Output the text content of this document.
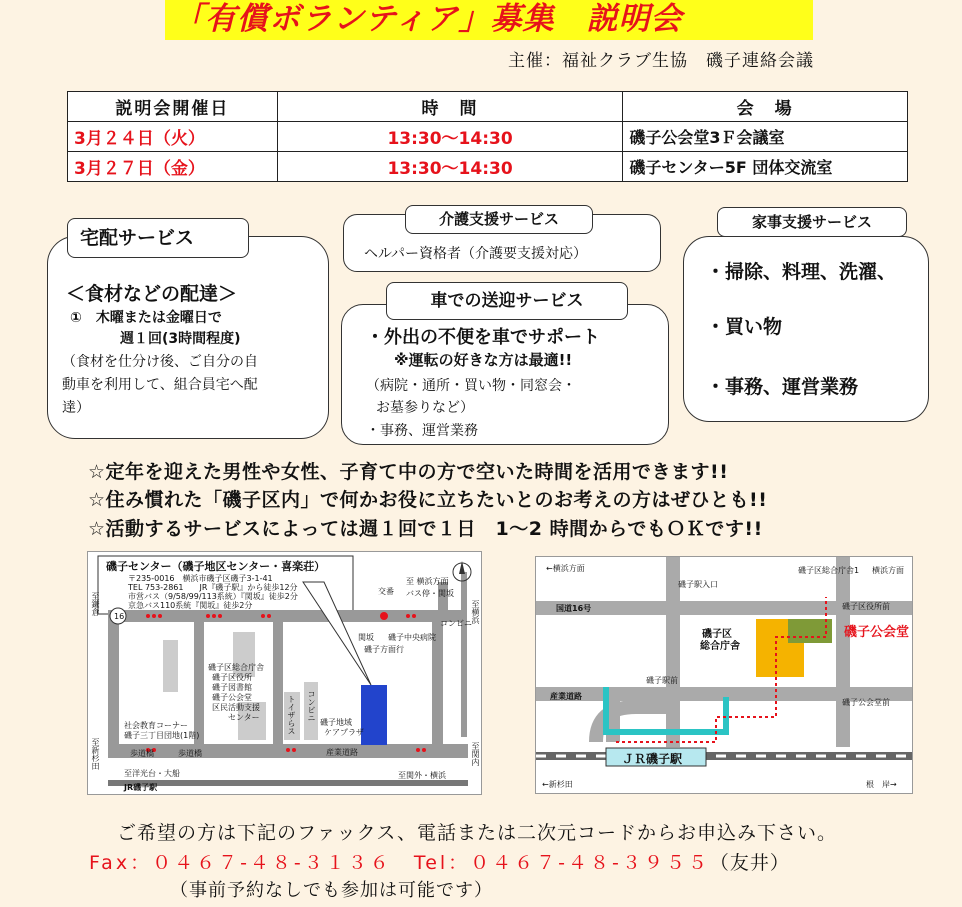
「有償ボランティア」募集　説明会
主催：福祉クラブ生協　磯子連絡会議
説明会開催日	時　間	会　場
3月２４日（火）	13:30〜14:30	磯子公会堂3Ｆ会議室
3月２７日（金）	13:30〜14:30	磯子センター5F 団体交流室
＜食材などの配達＞
①　木曜または金曜日で
週１回(3時間程度)
（食材を仕分け後、ご自分の自
動車を利用して、組合員宅へ配
達）
宅配サービス
ヘルパー資格者（介護要支援対応）
介護支援サービス
・外出の不便を車でサポート
※運転の好きな方は最適!!
（病院・通所・買い物・同窓会・
お墓参りなど）
・事務、運営業務
車での送迎サービス
・掃除、料理、洗濯、
・買い物
・事務、運営業務
家事支援サービス
☆定年を迎えた男性や女性、子育て中の方で空いた時間を活用できます!!
☆住み慣れた「磯子区内」で何かお役に立ちたいとのお考えの方はぜひとも!!
☆活動するサービスによっては週１回で１日　1〜2 時間からでもＯＫです!!
磯子センター（磯子地区センター・喜楽荘）
〒235-0016　横浜市磯子区磯子3-1-41
TEL 753-2861　　JR『磯子駅』から徒歩12分
市営バス（9/58/99/113系統）『関坂』徒歩2分
京急バス110系統『関坂』徒歩2分
至 横浜方面
交番 バス停・関坂
至横浜
至鎌倉
16
関坂 磯子中央病院
磯子方面行
コンビニ
磯子区総合庁舎
磯子区役所
磯子図書館
磯子公会堂
区民活動支援
センター	トイザらス コンビニ
磯子地域
ケアプラザ
社会教育コーナー
磯子三丁目団地(1階)
歩道橋	歩道橋	産業道路
至洋光台・大船
JR磯子駅
至関内
至関外・横浜
至新杉田
←横浜方面	磯子区総合庁舎1 横浜方面
磯子駅入口
国道16号	磯子区役所前
磯子区
総合庁舎
磯子公会堂
磯子駅前
産業道路
磯子公会堂前
ＪＲ磯子駅
←新杉田	根　岸→
ご希望の方は下記のファックス、電話または二次元コードからお申込み下さい。
Fax：０４６７-４８-３１３６　 Tel：０４６７-４８-３９５５（友井）
（事前予約なしでも参加は可能です）
